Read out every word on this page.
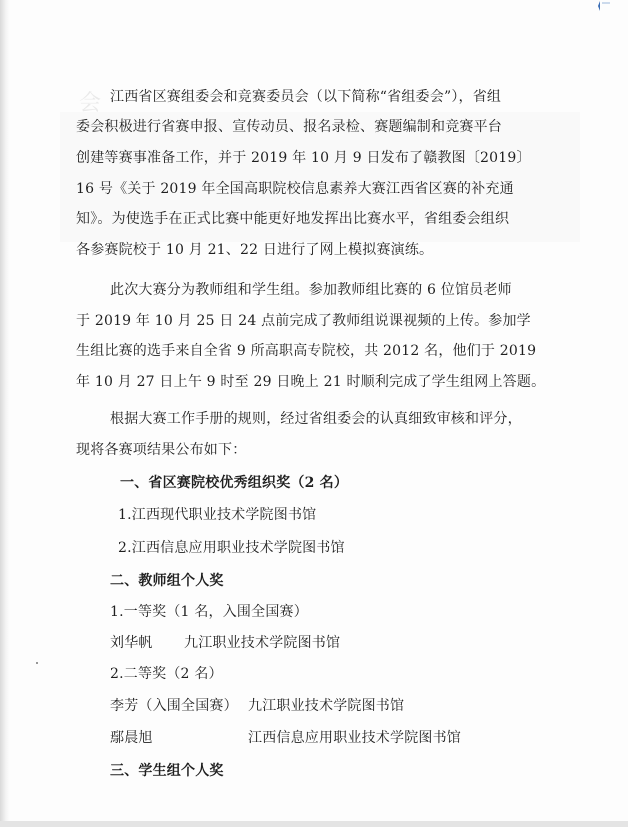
会 江西省区赛组委会和竞赛委员会（以下简称“省组委会”），省组
委会积极进行省赛申报、宣传动员、报名录检、赛题编制和竞赛平台
创建等赛事准备工作，并于 2019 年 10 月 9 日发布了赣教图〔2019〕
16 号《关于 2019 年全国高职院校信息素养大赛江西省区赛的补充通
知》。为使选手在正式比赛中能更好地发挥出比赛水平，省组委会组织
各参赛院校于 10 月 21、22 日进行了网上模拟赛演练。
此次大赛分为教师组和学生组。参加教师组比赛的 6 位馆员老师
于 2019 年 10 月 25 日 24 点前完成了教师组说课视频的上传。参加学
生组比赛的选手来自全省 9 所高职高专院校，共 2012 名，他们于 2019
年 10 月 27 日上午 9 时至 29 日晚上 21 时顺利完成了学生组网上答题。
根据大赛工作手册的规则，经过省组委会的认真细致审核和评分，
现将各赛项结果公布如下：
一、省区赛院校优秀组织奖（2 名）
1.江西现代职业技术学院图书馆
2.江西信息应用职业技术学院图书馆
二、教师组个人奖
1.一等奖（1 名，入围全国赛）
刘华帆 九江职业技术学院图书馆
2.二等奖（2 名）
李芳（入围全国赛） 九江职业技术学院图书馆
鄢晨旭	江西信息应用职业技术学院图书馆
三、学生组个人奖
